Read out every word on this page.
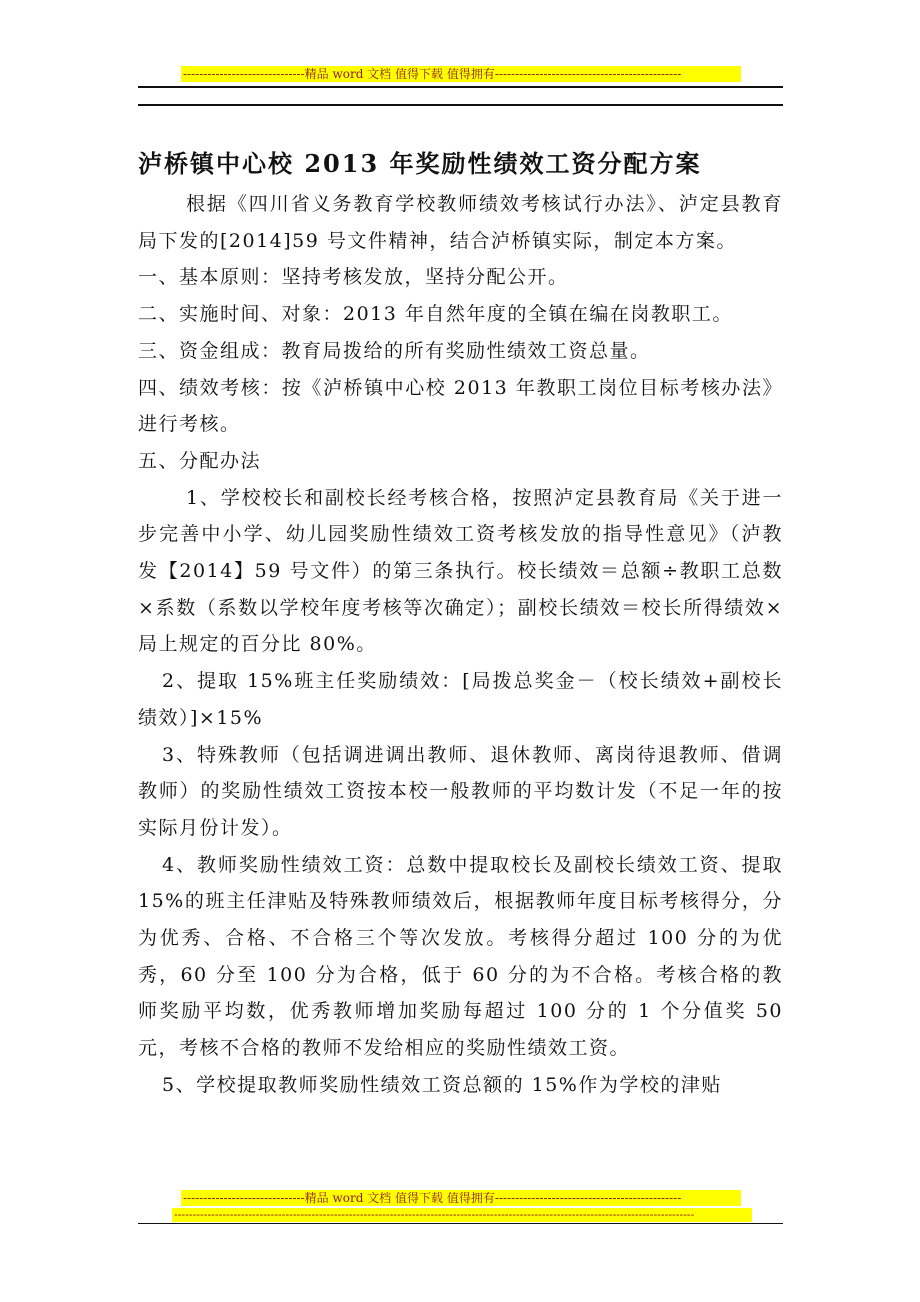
------------------------------精品 word 文档 值得下载 值得拥有----------------------------------------------
泸桥镇中心校 2013 年奖励性绩效工资分配方案

根据《四川省义务教育学校教师绩效考核试行办法》、泸定县教育局下发的[2014]59 号文件精神，结合泸桥镇实际，制定本方案。

一、基本原则：坚持考核发放，坚持分配公开。

二、实施时间、对象：2013 年自然年度的全镇在编在岗教职工。

三、资金组成：教育局拨给的所有奖励性绩效工资总量。

四、绩效考核：按《泸桥镇中心校 2013 年教职工岗位目标考核办法》进行考核。

五、分配办法

1、学校校长和副校长经考核合格，按照泸定县教育局《关于进一步完善中小学、幼儿园奖励性绩效工资考核发放的指导性意见》（泸教发【2014】59 号文件）的第三条执行。校长绩效＝总额÷教职工总数×系数（系数以学校年度考核等次确定）；副校长绩效＝校长所得绩效×局上规定的百分比 80%。

2、提取 15%班主任奖励绩效：[局拨总奖金－（校长绩效+副校长绩效）]×15%

3、特殊教师（包括调进调出教师、退休教师、离岗待退教师、借调教师）的奖励性绩效工资按本校一般教师的平均数计发（不足一年的按实际月份计发）。

4、教师奖励性绩效工资：总数中提取校长及副校长绩效工资、提取 15%的班主任津贴及特殊教师绩效后，根据教师年度目标考核得分，分为优秀、合格、不合格三个等次发放。考核得分超过 100 分的为优秀，60 分至 100 分为合格，低于 60 分的为不合格。考核合格的教师奖励平均数，优秀教师增加奖励每超过 100 分的 1 个分值奖 50 元，考核不合格的教师不发给相应的奖励性绩效工资。

5、学校提取教师奖励性绩效工资总额的 15%作为学校的津贴

------------------------------精品 word 文档 值得下载 值得拥有----------------------------------------------
--------------------------------------------------------------------------------------------------------------------------------------------
